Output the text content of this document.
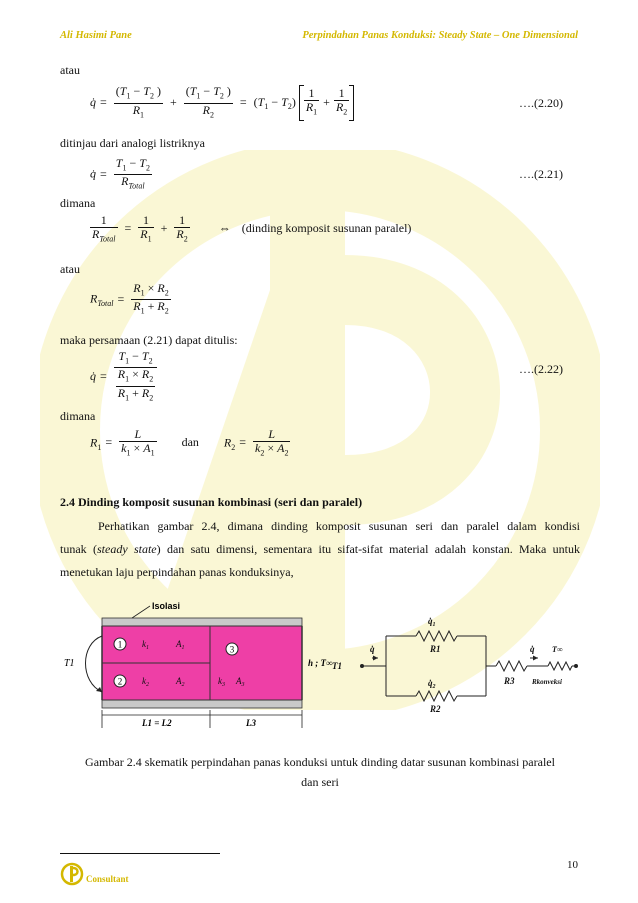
Ali Hasimi Pane	Perpindahan Panas Konduksi: Steady State – One Dimensional
atau
q̇ = $\frac{(T_1 - T_2 )}{R_1} + \frac{(T_1 - T_2 )}{R_2} = (T_1 - T_2) \frac{1}{R_1} + \frac{1}{R_2}$	….(2.20)
ditinjau dari analogi listriknya
q̇ = $\frac{T_1 - T_2}{R_{Total}}$	….(2.21)
dimana
$\frac{1}{R_{Total}} = \frac{1}{R_1} + \frac{1}{R_2}$ ⇔ (dinding komposit susunan paralel)
atau
$R_{Total} = \frac{R_1 \times R_2}{R_1 + R_2}$
maka persamaan (2.21) dapat ditulis:
q̇ = $\frac{T_1 - T_2}{\frac{R_1 \times R_2}{R_1 + R_2}}$	….(2.22)
dimana
$R_1 = \frac{L}{k_1 \times A_1}$ dan $R_2 = \frac{L}{k_2 \times A_2}$
2.4 Dinding komposit susunan kombinasi (seri dan paralel)
Perhatikan gambar 2.4, dimana dinding komposit susunan seri dan paralel dalam kondisi
tunak (steady state) dan satu dimensi, sementara itu sifat-sifat material adalah konstan. Maka untuk
menetukan laju perpindahan panas konduksinya,
1
2
3
$k_1$	$A_1$
$k_2$	$A_2$	$k_3$ $A_3$
T1
Isolasi
h ; T∞
L1 = L2	L3
T1
q̇
$q̇_1$
$q̇_2$
q̇
R1
R2
R3 Rkonveksi
T∞
Gambar 2.4 skematik perpindahan panas konduksi untuk dinding datar susunan kombinasi paralel
dan seri
10
Consultant
